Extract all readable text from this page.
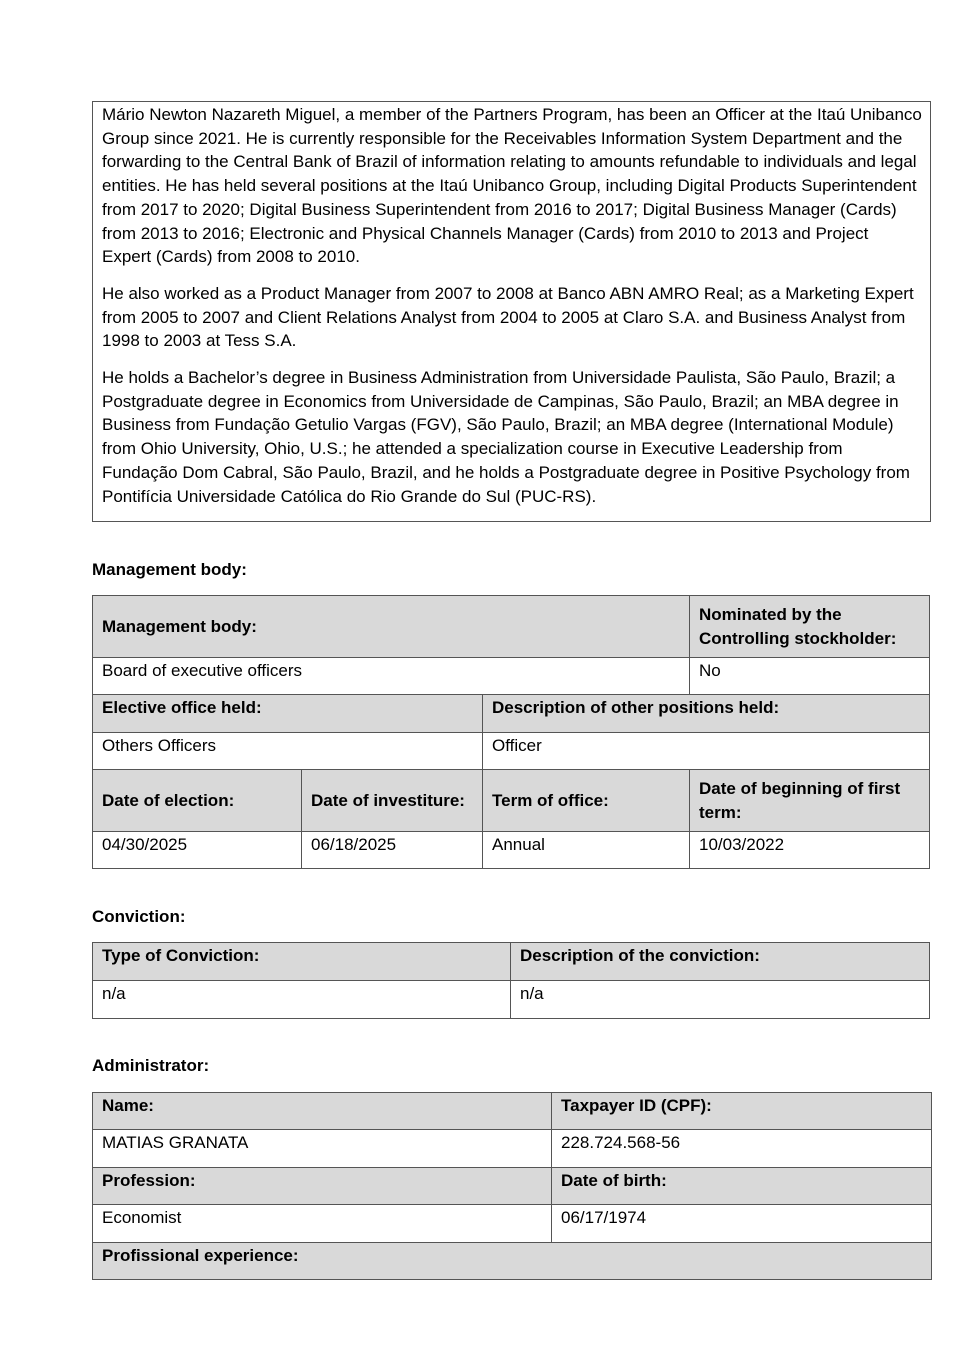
Mário Newton Nazareth Miguel, a member of the Partners Program, has been an Officer at the Itaú Unibanco Group since 2021. He is currently responsible for the Receivables Information System Department and the forwarding to the Central Bank of Brazil of information relating to amounts refundable to individuals and legal entities. He has held several positions at the Itaú Unibanco Group, including Digital Products Superintendent from 2017 to 2020; Digital Business Superintendent from 2016 to 2017; Digital Business Manager (Cards) from 2013 to 2016; Electronic and Physical Channels Manager (Cards) from 2010 to 2013 and Project Expert (Cards) from 2008 to 2010.

He also worked as a Product Manager from 2007 to 2008 at Banco ABN AMRO Real; as a Marketing Expert from 2005 to 2007 and Client Relations Analyst from 2004 to 2005 at Claro S.A. and Business Analyst from 1998 to 2003 at Tess S.A.

He holds a Bachelor’s degree in Business Administration from Universidade Paulista, São Paulo, Brazil; a Postgraduate degree in Economics from Universidade de Campinas, São Paulo, Brazil; an MBA degree in Business from Fundação Getulio Vargas (FGV), São Paulo, Brazil; an MBA degree (International Module) from Ohio University, Ohio, U.S.; he attended a specialization course in Executive Leadership from Fundação Dom Cabral, São Paulo, Brazil, and he holds a Postgraduate degree in Positive Psychology from Pontifícia Universidade Católica do Rio Grande do Sul (PUC-RS).

Management body:
Management body:			Nominated by the Controlling stockholder:
Board of executive officers			No
Elective office held:		Description of other positions held:	
Others Officers		Officer	
Date of election:	Date of investiture:	Term of office:	Date of beginning of first term:
04/30/2025	06/18/2025	Annual	10/03/2022
Conviction:
Type of Conviction:	Description of the conviction:
n/a	n/a
Administrator:
Name:	Taxpayer ID (CPF):
MATIAS GRANATA	228.724.568-56
Profession:	Date of birth:
Economist	06/17/1974
Profissional experience:	
